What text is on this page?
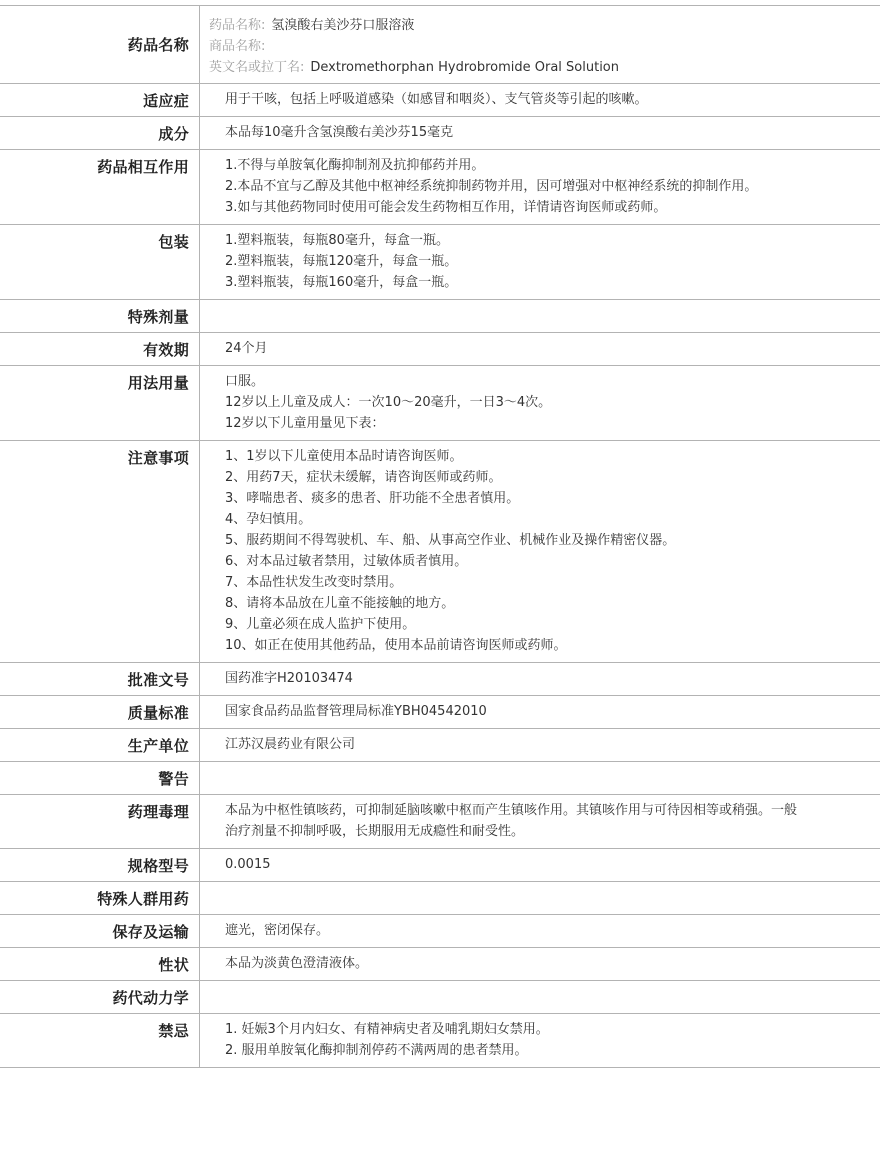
药品名称
药品名称: 氢溴酸右美沙芬口服溶液
商品名称:
英文名或拉丁名: Dextromethorphan Hydrobromide Oral Solution
适应症	用于干咳，包括上呼吸道感染（如感冒和咽炎）、支气管炎等引起的咳嗽。
成分	本品每10毫升含氢溴酸右美沙芬15毫克
药品相互作用	1.不得与单胺氧化酶抑制剂及抗抑郁药并用。
2.本品不宜与乙醇及其他中枢神经系统抑制药物并用，因可增强对中枢神经系统的抑制作用。
3.如与其他药物同时使用可能会发生药物相互作用，详情请咨询医师或药师。
包装	1.塑料瓶装，每瓶80毫升，每盒一瓶。
2.塑料瓶装，每瓶120毫升，每盒一瓶。
3.塑料瓶装，每瓶160毫升，每盒一瓶。
特殊剂量
有效期	24个月
用法用量	口服。
12岁以上儿童及成人：一次10～20毫升，一日3～4次。
12岁以下儿童用量见下表：
注意事项	1、1岁以下儿童使用本品时请咨询医师。
2、用药7天，症状未缓解，请咨询医师或药师。
3、哮喘患者、痰多的患者、肝功能不全患者慎用。
4、孕妇慎用。
5、服药期间不得驾驶机、车、船、从事高空作业、机械作业及操作精密仪器。
6、对本品过敏者禁用，过敏体质者慎用。
7、本品性状发生改变时禁用。
8、请将本品放在儿童不能接触的地方。
9、儿童必须在成人监护下使用。
10、如正在使用其他药品，使用本品前请咨询医师或药师。
批准文号	国药准字H20103474
质量标准	国家食品药品监督管理局标准YBH04542010
生产单位	江苏汉晨药业有限公司
警告
药理毒理	本品为中枢性镇咳药，可抑制延脑咳嗽中枢而产生镇咳作用。其镇咳作用与可待因相等或稍强。一般治疗剂量不抑制呼吸，长期服用无成瘾性和耐受性。
规格型号	0.0015
特殊人群用药
保存及运输	遮光，密闭保存。
性状	本品为淡黄色澄清液体。
药代动力学
禁忌	1. 妊娠3个月内妇女、有精神病史者及哺乳期妇女禁用。
2. 服用单胺氧化酶抑制剂停药不满两周的患者禁用。
